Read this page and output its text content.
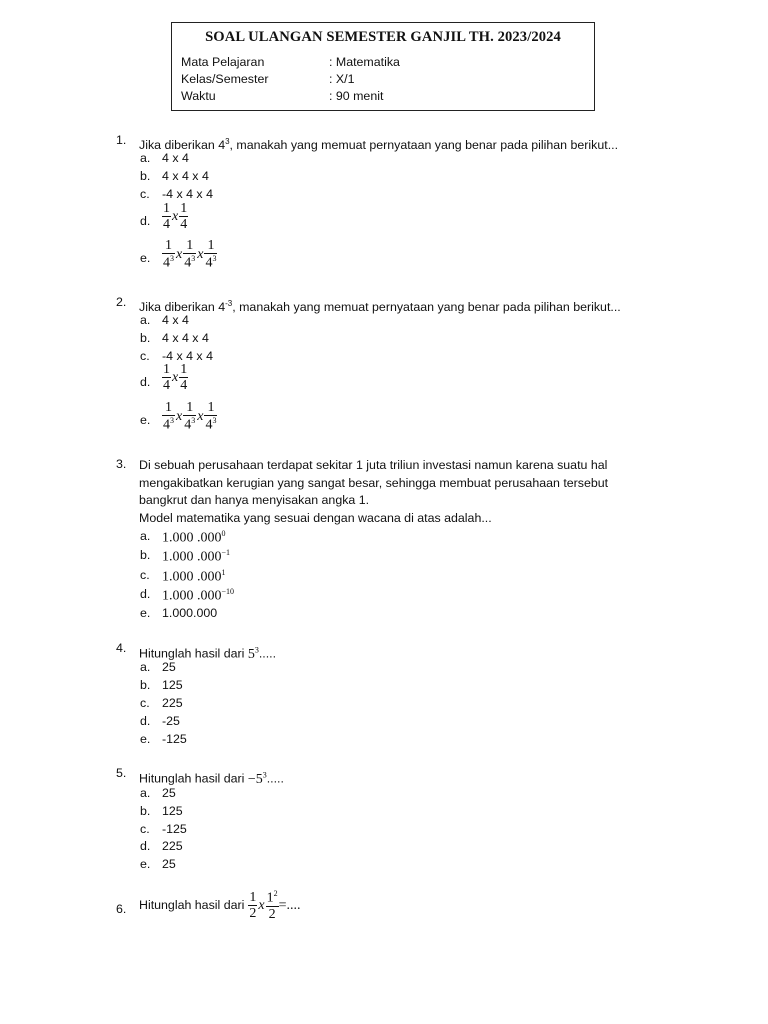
SOAL ULANGAN SEMESTER GANJIL TH. 2023/2024
Mata Pelajaran	: Matematika
Kelas/Semester	: X/1
Waktu	: 90 menit
1. Jika diberikan $4^3$, manakah yang memuat pernyataan yang benar pada pilihan berikut...
a. 4 x 4
b. 4 x 4 x 4
c. -4 x 4 x 4
d. $\frac{1}{4}$ x $\frac{1}{4}$
e. $\frac{1}{4^3}$ x $\frac{1}{4^3}$ x $\frac{1}{4^3}$
2. Jika diberikan $4^{-3}$, manakah yang memuat pernyataan yang benar pada pilihan berikut...
a. 4 x 4
b. 4 x 4 x 4
c. -4 x 4 x 4
d. $\frac{1}{4}$ x $\frac{1}{4}$
e. $\frac{1}{4^3}$ x $\frac{1}{4^3}$ x $\frac{1}{4^3}$
3. Di sebuah perusahaan terdapat sekitar 1 juta triliun investasi namun karena suatu hal
mengakibatkan kerugian yang sangat besar, sehingga membuat perusahaan tersebut
bangkrut dan hanya menyisakan angka 1.
Model matematika yang sesuai dengan wacana di atas adalah...
a. 1.000 .000$^0$
b. 1.000 $.000^{-1}$
c. 1.000 .000$^1$
d. 1.000 $.000^{-10}$
e. 1.000.000
4. Hitunglah hasil dari $5^3$.....
a. 25
b. 125
c. 225
d. -25
e. -125
5. Hitunglah hasil dari $-5^3$.....
a. 25
b. 125
c. -125
d. 225
e. 25
6. Hitunglah hasil dari $\frac{1}{2}$ x $\frac{1^2}{2}$ =....
